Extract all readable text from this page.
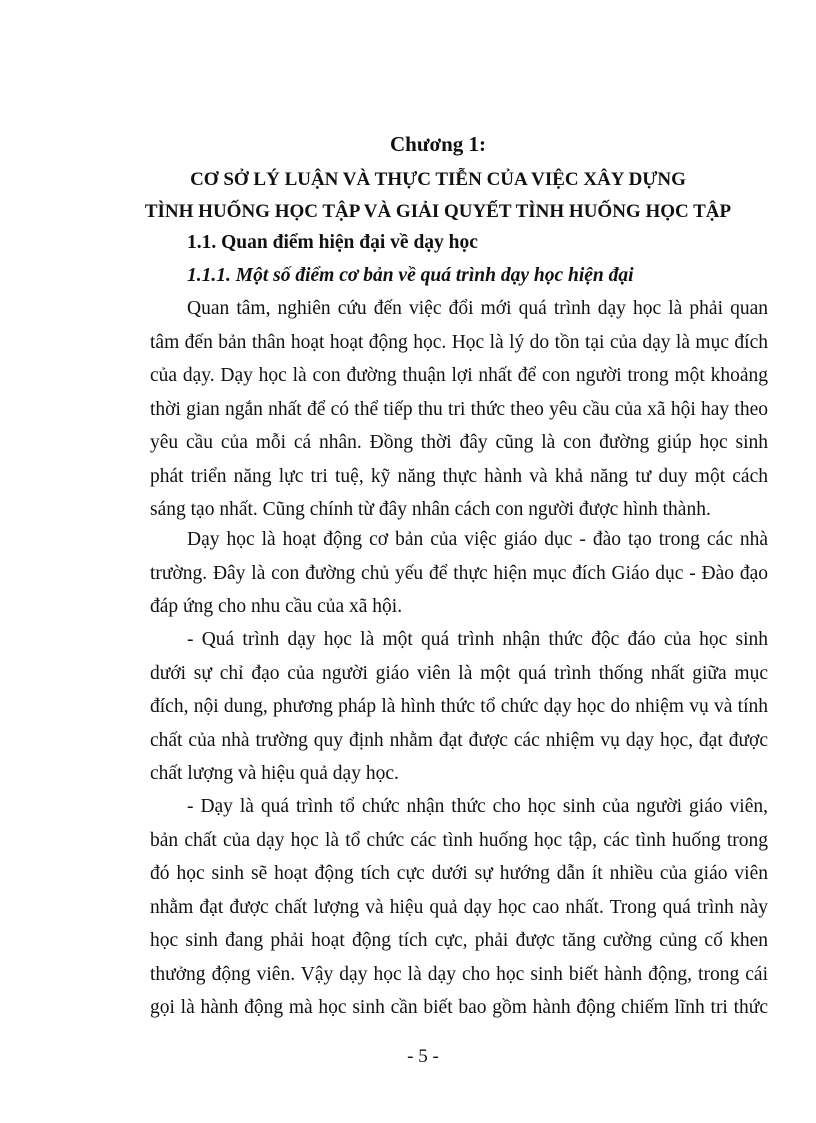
Chương 1:
CƠ SỞ LÝ LUẬN VÀ THỰC TIỄN CỦA VIỆC XÂY DỰNG
TÌNH HUỐNG HỌC TẬP VÀ GIẢI QUYẾT TÌNH HUỐNG HỌC TẬP
1.1. Quan điểm hiện đại về dạy học
1.1.1. Một số điểm cơ bản về quá trình dạy học hiện đại
Quan tâm, nghiên cứu đến việc đổi mới quá trình dạy học là phải quan
tâm đến bản thân hoạt hoạt động học. Học là lý do tồn tại của dạy là mục đích
của dạy. Dạy học là con đường thuận lợi nhất để con người trong một khoảng
thời gian ngắn nhất để có thể tiếp thu tri thức theo yêu cầu của xã hội hay theo
yêu cầu của mỗi cá nhân. Đồng thời đây cũng là con đường giúp học sinh
phát triển năng lực tri tuệ, kỹ năng thực hành và khả năng tư duy một cách
sáng tạo nhất. Cũng chính từ đây nhân cách con người được hình thành.
Dạy học là hoạt động cơ bản của việc giáo dục - đào tạo trong các nhà
trường. Đây là con đường chủ yếu để thực hiện mục đích Giáo dục - Đào đạo
đáp ứng cho nhu cầu của xã hội.
- Quá trình dạy học là một quá trình nhận thức độc đáo của học sinh
dưới sự chỉ đạo của người giáo viên là một quá trình thống nhất giữa mục
đích, nội dung, phương pháp là hình thức tổ chức dạy học do nhiệm vụ và tính
chất của nhà trường quy định nhằm đạt được các nhiệm vụ dạy học, đạt được
chất lượng và hiệu quả dạy học.
- Dạy là quá trình tổ chức nhận thức cho học sinh của người giáo viên,
bản chất của dạy học là tổ chức các tình huống học tập, các tình huống trong
đó học sinh sẽ hoạt động tích cực dưới sự hướng dẫn ít nhiều của giáo viên
nhằm đạt được chất lượng và hiệu quả dạy học cao nhất. Trong quá trình này
học sinh đang phải hoạt động tích cực, phải được tăng cường củng cố khen
thưởng động viên. Vậy dạy học là dạy cho học sinh biết hành động, trong cái
gọi là hành động mà học sinh cần biết bao gồm hành động chiếm lĩnh tri thức
- 5 -
